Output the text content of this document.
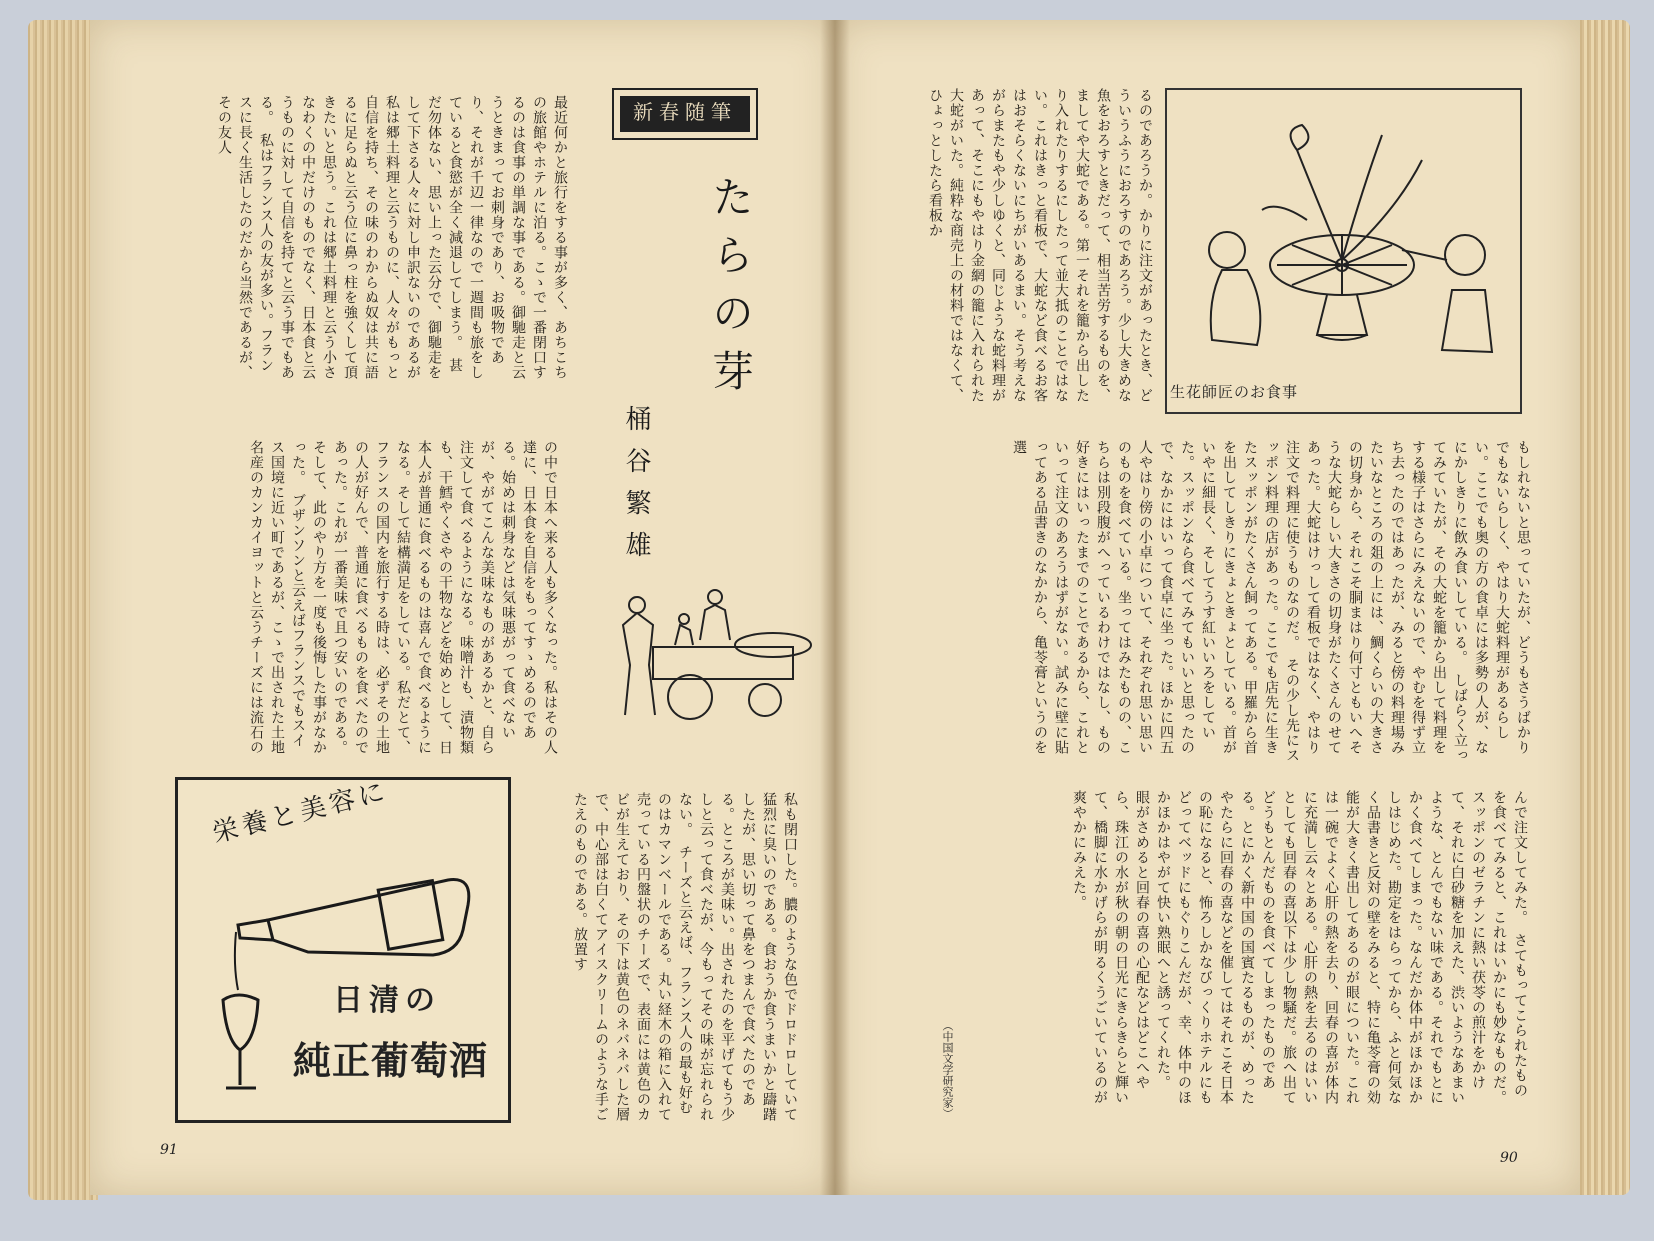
新春随筆
たらの芽
桶谷繁雄
最近何かと旅行をする事が多く、あちこちの旅館やホテルに泊る。こゝで一番閉口するのは食事の単調な事である。御馳走と云うときまってお刺身であり、お吸物であり、それが千辺一律なので一週間も旅をしていると食慾が全く減退してしまう。　甚だ勿体ない、思い上った云分で、御馳走をして下さる人々に対し申訳ないのであるが私は郷土料理と云うものに、人々がもっと自信を持ち、その味のわからぬ奴は共に語るに足らぬと云う位に鼻っ柱を強くして頂きたいと思う。これは郷土料理と云う小さなわくの中だけのものでなく、日本食と云うものに対して自信を持てと云う事でもある。　私はフランス人の友が多い。フランスに長く生活したのだから当然であるが、その友人
の中で日本へ来る人も多くなった。私はその人達に、日本食を自信をもってすゝめるのである。始めは刺身などは気味悪がって食べないが、やがてこんな美味なものがあるかと、自ら注文して食べるようになる。味噌汁も、漬物類も、干鱈やくさやの干物などを始めとして、日本人が普通に食べるものは喜んで食べるようになる。そして結構満足をしている。私だとて、フランスの国内を旅行する時は、必ずその土地の人が好んで、普通に食べるものを食べたのであった。これが一番美味で且つ安いのである。そして、此のやり方を一度も後悔した事がなかった。　ブザンソンと云えばフランスでもスイス国境に近い町であるが、こゝで出された土地名産のカンカイヨットと云うチーズには流石の
私も閉口した。膿のような色でドロドロしていて猛烈に臭いのである。食おうか食うまいかと躊躇したが、思い切って鼻をつまんで食べたのである。ところが美味い。出されたのを平げてもう少しと云って食べたが、今もってその味が忘れられない。　チーズと云えば、フランス人の最も好むのはカマンベールである。丸い経木の箱に入れて売っている円盤状のチーズで、表面には黄色のカビが生えており、その下は黄色のネバネバした層で、中心部は白くてアイスクリームのような手ごたえのものである。放置す
栄養と美容に
日清の
純正葡萄酒
生花師匠のお食事
るのであろうか。かりに注文があったとき、どういうふうにおろすのであろう。少し大きめな魚をおろすときだって、相当苦労するものを、ましてや大蛇である。第一それを籠から出したり入れたりするにしたって並大抵のことではない。これはきっと看板で、大蛇など食べるお客はおそらくないにちがいあるまい。そう考えながらまたもや少しゆくと、同じような蛇料理があって、そこにもやはり金網の籠に入れられた大蛇がいた。純粋な商売上の材料ではなくて、ひょっとしたら看板か
もしれないと思っていたが、どうもさうばかりでもないらしく、やはり大蛇料理があるらしい。ここでも奥の方の食卓には多勢の人が、なにかしきりに飲み食いしている。　しばらく立ってみていたが、その大蛇を籠から出して料理をする様子はさらにみえないので、やむを得ず立ち去ったのではあったが、みると傍の料理場みたいなところの爼の上には、鯛くらいの大きさの切身から、それこそ胴まはり何寸ともいへそうな大蛇らしい大きさの切身がたくさんのせてあった。大蛇はけっして看板ではなく、やはり注文で料理に使うものなのだ。　その少し先にスッポン料理の店があった。ここでも店先に生きたスッポンがたくさん飼ってある。甲羅から首を出してしきりにきょときょとしている。首がいやに細長く、そしてうす紅いいろをしていた。スッポンなら食べてみてもいいと思ったので、なかにはいって食卓に坐った。ほかに四五人やはり傍の小卓について、それぞれ思い思いのものを食べている。坐ってはみたものの、こちらは別段腹がへっているわけではなし、もの好きにはいったまでのことであるから、これといって注文のあろうはずがない。試みに壁に貼ってある品書きのなかから、亀苓膏というのを選
んで注文してみた。　さてもってこられたものを食べてみると、これはいかにも妙なものだ。スッポンのゼラチンに熱い茯苓の煎汁をかけて、それに白砂糖を加えた、渋いようなあまいような、とんでもない味である。それでもとにかく食べてしまった。なんだか体中がほかほかしはじめた。勘定をはらってから、ふと何気なく品書きと反対の壁をみると、特に亀苓膏の効能が大きく書出してあるのが眼についた。これは一碗でよく心肝の熱を去り、回春の喜が体内に充満し云々とある。心肝の熱を去るのはいいとしても回春の喜以下は少し物騒だ。旅へ出てどうもとんだものを食べてしまったものである。とにかく新中国の国賓たるものが、めったやたらに回春の喜などを催してはそれこそ日本の恥になると、怖ろしかなびっくりホテルにもどってベッドにもぐりこんだが、幸、体中のほかほかはやがて快い熟眠へと誘ってくれた。　眼がさめると回春の喜の心配などはどこへやら、珠江の水が秋の朝の日光にきらきらと輝いて、橋脚に水かげらが明るくうごいているのが爽やかにみえた。
（中国文学研究家）
91	90
